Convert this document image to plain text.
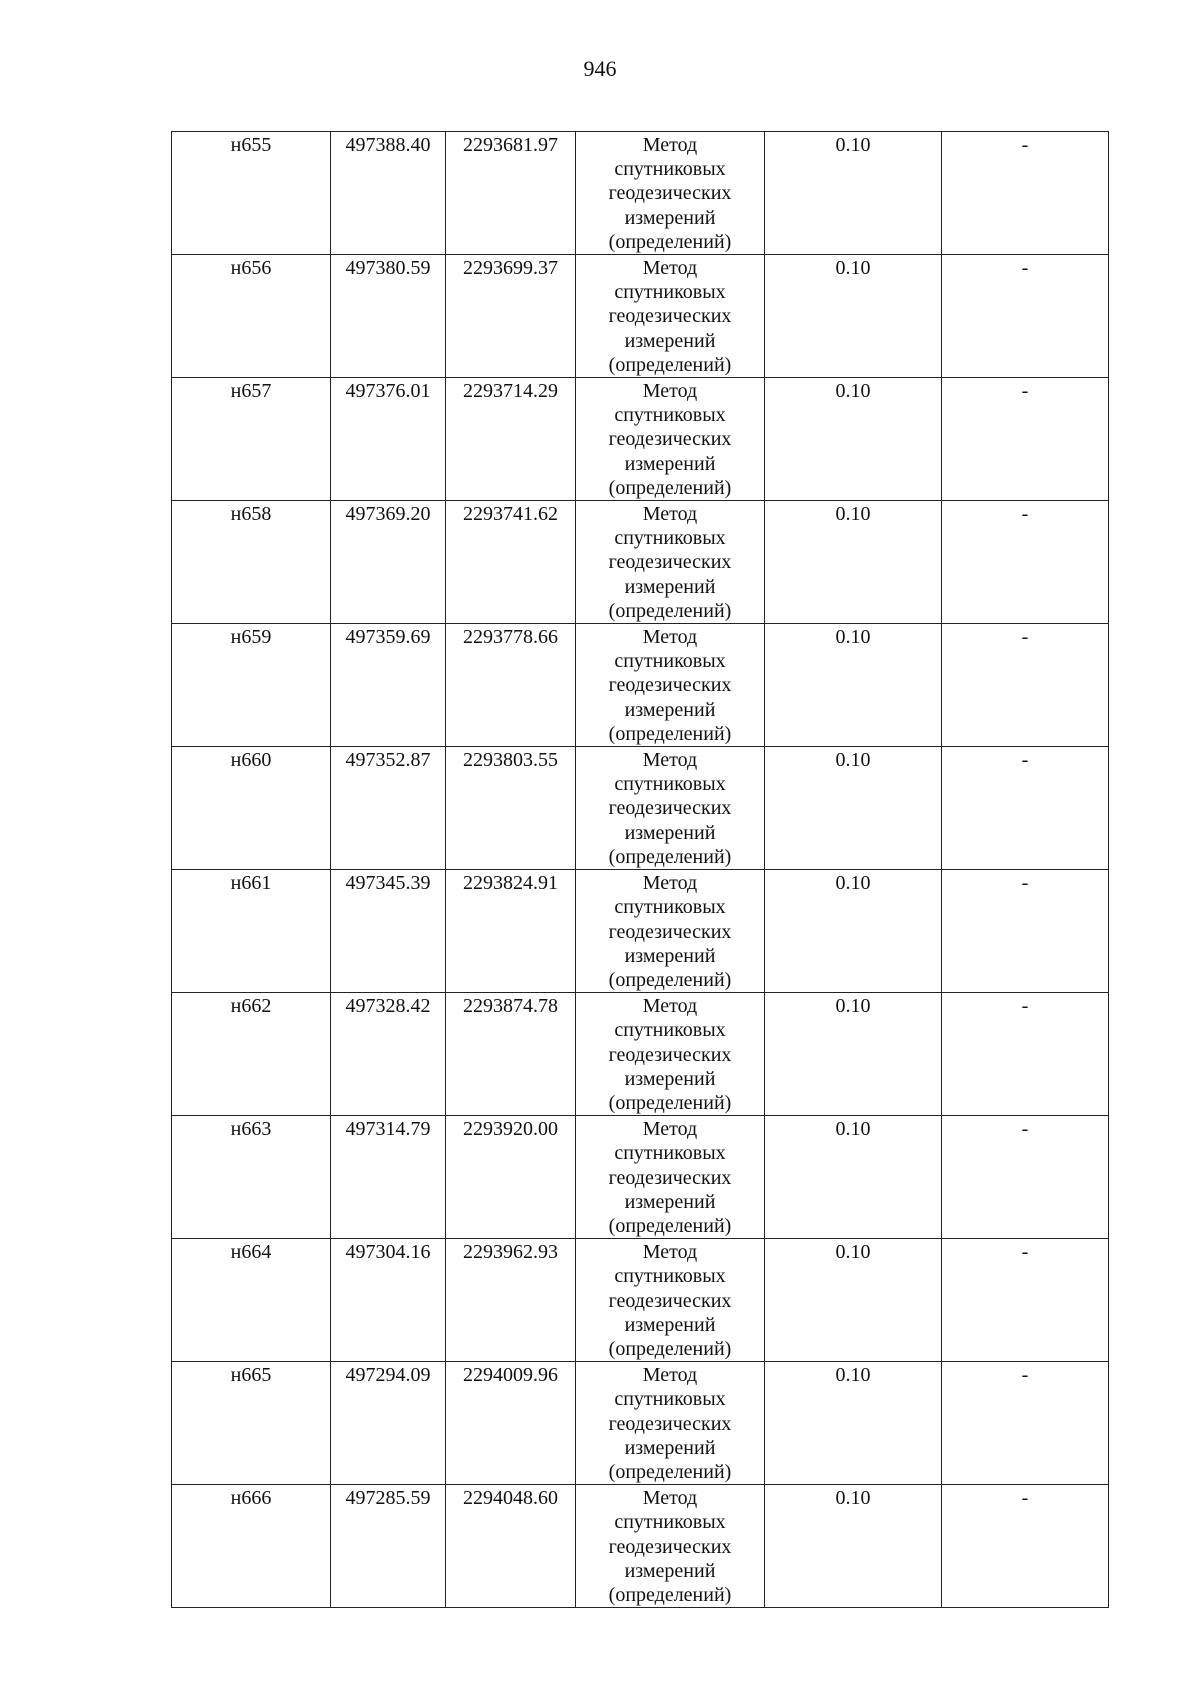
946
н655	497388.40	2293681.97	Метод
спутниковых
геодезических
измерений
(определений)	0.10	-
н656	497380.59	2293699.37	Метод
спутниковых
геодезических
измерений
(определений)	0.10	-
н657	497376.01	2293714.29	Метод
спутниковых
геодезических
измерений
(определений)	0.10	-
н658	497369.20	2293741.62	Метод
спутниковых
геодезических
измерений
(определений)	0.10	-
н659	497359.69	2293778.66	Метод
спутниковых
геодезических
измерений
(определений)	0.10	-
н660	497352.87	2293803.55	Метод
спутниковых
геодезических
измерений
(определений)	0.10	-
н661	497345.39	2293824.91	Метод
спутниковых
геодезических
измерений
(определений)	0.10	-
н662	497328.42	2293874.78	Метод
спутниковых
геодезических
измерений
(определений)	0.10	-
н663	497314.79	2293920.00	Метод
спутниковых
геодезических
измерений
(определений)	0.10	-
н664	497304.16	2293962.93	Метод
спутниковых
геодезических
измерений
(определений)	0.10	-
н665	497294.09	2294009.96	Метод
спутниковых
геодезических
измерений
(определений)	0.10	-
н666	497285.59	2294048.60	Метод
спутниковых
геодезических
измерений
(определений)	0.10	-
